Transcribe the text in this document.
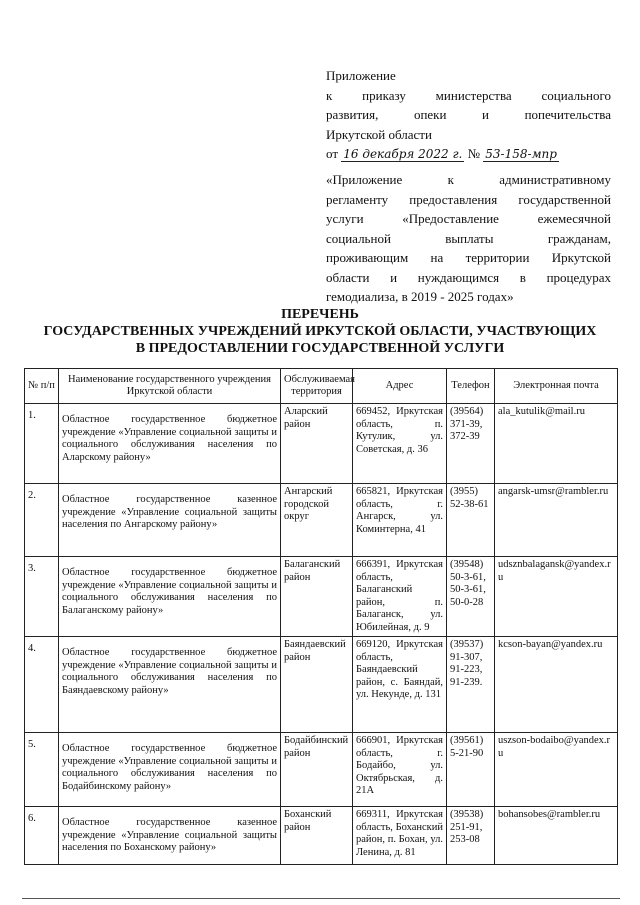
Приложение
к приказу министерства социального
развития, опеки и попечительства
Иркутской области
от 16 декабря 2022 г. № 53-158-мпр
«Приложение к административному
регламенту предоставления государственной
услуги «Предоставление ежемесячной
социальной выплаты гражданам,
проживающим на территории Иркутской
области и нуждающимся в процедурах
гемодиализа, в 2019 - 2025 годах»
ПЕРЕЧЕНЬ
ГОСУДАРСТВЕННЫХ УЧРЕЖДЕНИЙ ИРКУТСКОЙ ОБЛАСТИ, УЧАСТВУЮЩИХ
В ПРЕДОСТАВЛЕНИИ ГОСУДАРСТВЕННОЙ УСЛУГИ
№ п/п	Наименование государственного учреждения Иркутской области	Обслуживаемая территория	Адрес	Телефон	Электронная почта
1.	Областное государственное бюджетное учреждение «Управление социальной защиты и социального обслуживания населения по Аларскому району»	Аларский район	669452, Иркутская область, п. Кутулик, ул. Советская, д. 36	(39564) 371-39, 372-39	ala_kutulik@mail.ru
2.	Областное государственное казенное учреждение «Управление социальной защиты населения по Ангарскому району»	Ангарский городской округ	665821, Иркутская область, г. Ангарск, ул. Коминтерна, 41	(3955) 52-38-61	angarsk-umsr@rambler.ru
3.	Областное государственное бюджетное учреждение «Управление социальной защиты и социального обслуживания населения по Балаганскому району»	Балаганский район	666391, Иркутская область, Балаганский район, п. Балаганск, ул. Юбилейная, д. 9	(39548) 50-3-61, 50-3-61, 50-0-28	udsznbalagansk@yandex.ru
4.	Областное государственное бюджетное учреждение «Управление социальной защиты и социального обслуживания населения по Баяндаевскому району»	Баяндаевский район	669120, Иркутская область, Баяндаевский район, с. Баяндай, ул. Некунде, д. 131	(39537) 91-307, 91-223, 91-239.	kcson-bayan@yandex.ru
5.	Областное государственное бюджетное учреждение «Управление социальной защиты и социального обслуживания населения по Бодайбинскому району»	Бодайбинский район	666901, Иркутская область, г. Бодайбо, ул. Октябрьская, д. 21А	(39561) 5-21-90	uszson-bodaibo@yandex.ru
6.	Областное государственное казенное учреждение «Управление социальной защиты населения по Боханскому району»	Боханский район	669311, Иркутская область, Боханский район, п. Бохан, ул. Ленина, д. 81	(39538) 251-91, 253-08	bohansobes@rambler.ru
